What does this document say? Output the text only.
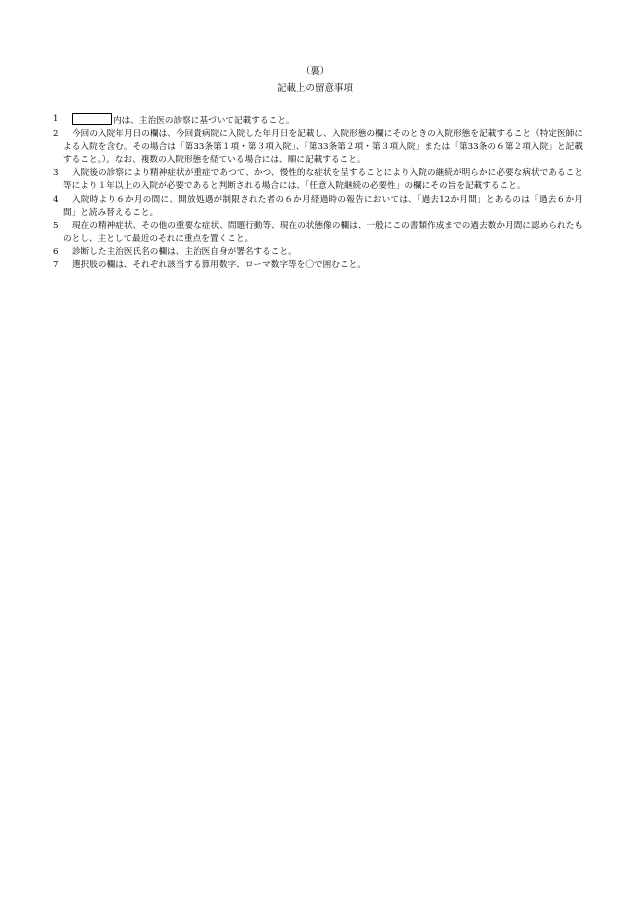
（裏）
記載上の留意事項
1	内は、主治医の診察に基づいて記載すること。
2	今回の入院年月日の欄は、今回貴病院に入院した年月日を記載し、入院形態の欄にそのときの入院形態を記載すること（特定医師による入院を含む。その場合は「第33条第１項・第３項入院」、「第33条第２項・第３項入院」または「第33条の６第２項入院」と記載すること。）。なお、複数の入院形態を経ている場合には、順に記載すること。
3	入院後の診察により精神症状が重症であつて、かつ、慢性的な症状を呈することにより入院の継続が明らかに必要な病状であること等により１年以上の入院が必要であると判断される場合には、「任意入院継続の必要性」の欄にその旨を記載すること。
4	入院時より６か月の間に、開放処遇が制限された者の６か月経過時の報告においては、「過去12か月間」とあるのは「過去６か月間」と読み替えること。
5	現在の精神症状、その他の重要な症状、問題行動等、現在の状態像の欄は、一般にこの書類作成までの過去数か月間に認められたものとし、主として最近のそれに重点を置くこと。
6	診断した主治医氏名の欄は、主治医自身が署名すること。
7	選択肢の欄は、それぞれ該当する算用数字、ローマ数字等を〇で囲むこと。
